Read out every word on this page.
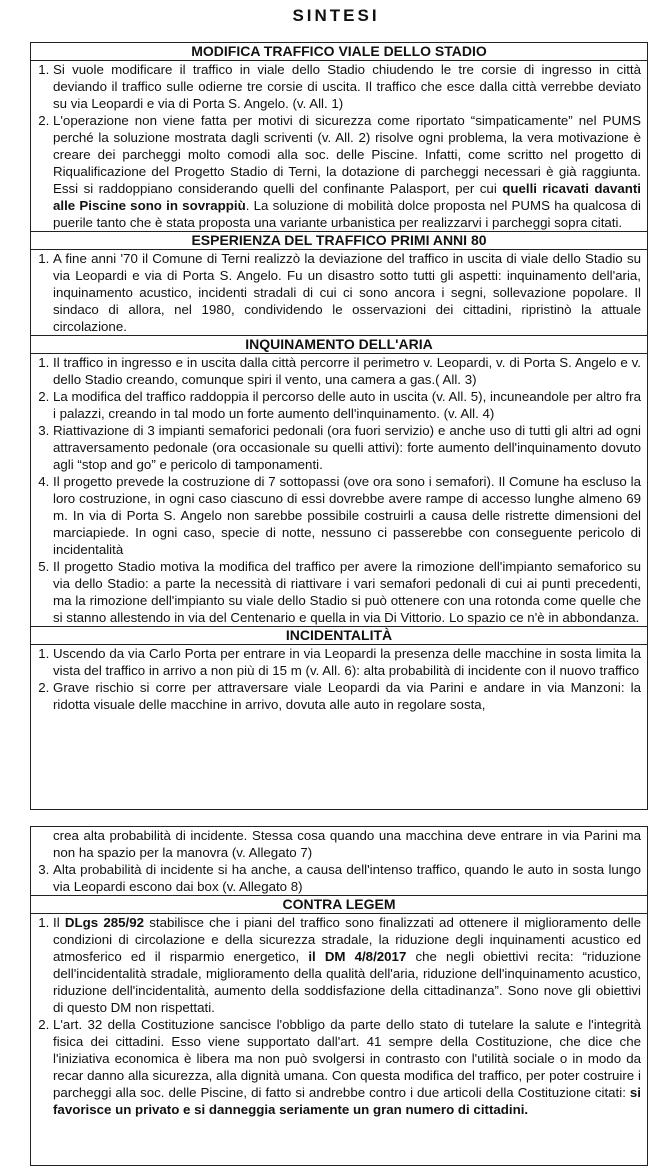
SINTESI
MODIFICA TRAFFICO VIALE DELLO STADIO
1. Si vuole modificare il traffico in viale dello Stadio chiudendo le tre corsie di ingresso in città deviando il traffico sulle odierne tre corsie di uscita. Il traffico che esce dalla città verrebbe deviato su via Leopardi e via di Porta S. Angelo. (v. All. 1)
2. L'operazione non viene fatta per motivi di sicurezza come riportato “simpaticamente” nel PUMS perché la soluzione mostrata dagli scriventi (v. All. 2) risolve ogni problema, la vera motivazione è creare dei parcheggi molto comodi alla soc. delle Piscine. Infatti, come scritto nel progetto di Riqualificazione del Progetto Stadio di Terni, la dotazione di parcheggi necessari è già raggiunta. Essi si raddoppiano considerando quelli del confinante Palasport, per cui quelli ricavati davanti alle Piscine sono in sovrappiù. La soluzione di mobilità dolce proposta nel PUMS ha qualcosa di puerile tanto che è stata proposta una variante urbanistica per realizzarvi i parcheggi sopra citati.
ESPERIENZA DEL TRAFFICO PRIMI ANNI 80
1. A fine anni '70 il Comune di Terni realizzò la deviazione del traffico in uscita di viale dello Stadio su via Leopardi e via di Porta S. Angelo. Fu un disastro sotto tutti gli aspetti: inquinamento dell'aria, inquinamento acustico, incidenti stradali di cui ci sono ancora i segni, sollevazione popolare. Il sindaco di allora, nel 1980, condividendo le osservazioni dei cittadini, ripristinò la attuale circolazione.
INQUINAMENTO DELL'ARIA
1. Il traffico in ingresso e in uscita dalla città percorre il perimetro v. Leopardi, v. di Porta S. Angelo e v. dello Stadio creando, comunque spiri il vento, una camera a gas.( All. 3)
2. La modifica del traffico raddoppia il percorso delle auto in uscita (v. All. 5), incuneandole per altro fra i palazzi, creando in tal modo un forte aumento dell'inquinamento. (v. All. 4)
3. Riattivazione di 3 impianti semaforici pedonali (ora fuori servizio) e anche uso di tutti gli altri ad ogni attraversamento pedonale (ora occasionale su quelli attivi): forte aumento dell'inquinamento dovuto agli “stop and go” e pericolo di tamponamenti.
4. Il progetto prevede la costruzione di 7 sottopassi (ove ora sono i semafori). Il Comune ha escluso la loro costruzione, in ogni caso ciascuno di essi dovrebbe avere rampe di accesso lunghe almeno 69 m. In via di Porta S. Angelo non sarebbe possibile costruirli a causa delle ristrette dimensioni del marciapiede. In ogni caso, specie di notte, nessuno ci passerebbe con conseguente pericolo di incidentalità
5. Il progetto Stadio motiva la modifica del traffico per avere la rimozione dell'impianto semaforico su via dello Stadio: a parte la necessità di riattivare i vari semafori pedonali di cui ai punti precedenti, ma la rimozione dell'impianto su viale dello Stadio si può ottenere con una rotonda come quelle che si stanno allestendo in via del Centenario e quella in via Di Vittorio. Lo spazio ce n'è in abbondanza.
INCIDENTALITÀ
1. Uscendo da via Carlo Porta per entrare in via Leopardi la presenza delle macchine in sosta limita la vista del traffico in arrivo a non più di 15 m (v. All. 6): alta probabilità di incidente con il nuovo traffico
2. Grave rischio si corre per attraversare viale Leopardi da via Parini e andare in via Manzoni: la ridotta visuale delle macchine in arrivo, dovuta alle auto in regolare sosta,
crea alta probabilità di incidente. Stessa cosa quando una macchina deve entrare in via Parini ma non ha spazio per la manovra (v. Allegato 7)
3. Alta probabilità di incidente si ha anche, a causa dell'intenso traffico, quando le auto in sosta lungo via Leopardi escono dai box (v. Allegato 8)
CONTRA LEGEM
1. Il DLgs 285/92 stabilisce che i piani del traffico sono finalizzati ad ottenere il miglioramento delle condizioni di circolazione e della sicurezza stradale, la riduzione degli inquinamenti acustico ed atmosferico ed il risparmio energetico, il DM 4/8/2017 che negli obiettivi recita: “riduzione dell'incidentalità stradale, miglioramento della qualità dell'aria, riduzione dell'inquinamento acustico, riduzione dell'incidentalità, aumento della soddisfazione della cittadinanza”. Sono nove gli obiettivi di questo DM non rispettati.
2. L'art. 32 della Costituzione sancisce l'obbligo da parte dello stato di tutelare la salute e l'integrità fisica dei cittadini. Esso viene supportato dall'art. 41 sempre della Costituzione, che dice che l'iniziativa economica è libera ma non può svolgersi in contrasto con l'utilità sociale o in modo da recar danno alla sicurezza, alla dignità umana. Con questa modifica del traffico, per poter costruire i parcheggi alla soc. delle Piscine, di fatto si andrebbe contro i due articoli della Costituzione citati: si favorisce un privato e si danneggia seriamente un gran numero di cittadini.
